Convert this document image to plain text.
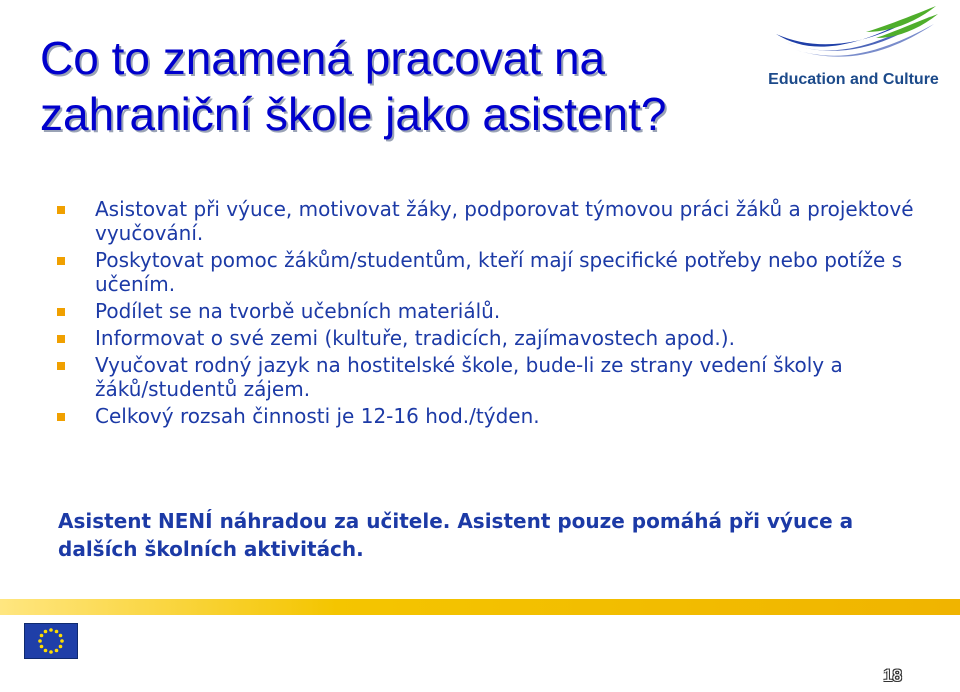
Co to znamená pracovat na zahraniční škole jako asistent?
Education and Culture
Asistovat při výuce, motivovat žáky, podporovat týmovou práci žáků a projektové vyučování.
Poskytovat pomoc žákům/studentům, kteří mají specifické potřeby nebo potíže s učením.
Podílet se na tvorbě učebních materiálů.
Informovat o své zemi (kultuře, tradicích, zajímavostech apod.).
Vyučovat rodný jazyk na hostitelské škole, bude-li ze strany vedení školy a žáků/studentů zájem.
Celkový rozsah činnosti je 12-16 hod./týden.

Asistent NENÍ náhradou za učitele. Asistent pouze pomáhá při výuce a dalších školních aktivitách.

18
